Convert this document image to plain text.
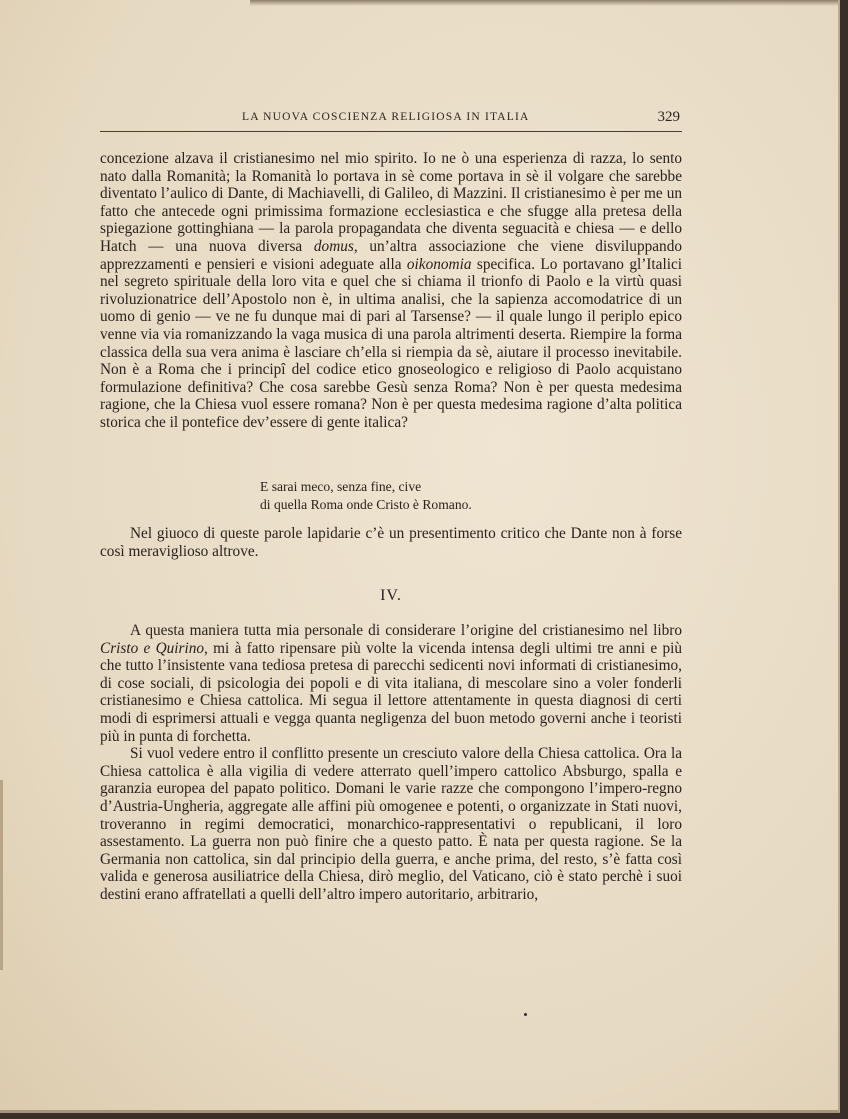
LA NUOVA COSCIENZA RELIGIOSA IN ITALIA	329

concezione alzava il cristianesimo nel mio spirito. Io ne ò una esperienza di razza, lo sento nato dalla Romanità; la Romanità lo portava in sè come portava in sè il volgare che sarebbe diventato l’aulico di Dante, di Machiavelli, di Galileo, di Mazzini. Il cristianesimo è per me un fatto che antecede ogni primissima formazione ecclesiastica e che sfugge alla pretesa della spiegazione gottinghiana — la parola propagandata che diventa seguacità e chiesa — e dello Hatch — una nuova diversa domus, un’altra associazione che viene disviluppando apprezzamenti e pensieri e visioni adeguate alla oikonomia specifica. Lo portavano gl’Italici nel segreto spirituale della loro vita e quel che si chiama il trionfo di Paolo e la virtù quasi rivoluzionatrice dell’Apostolo non è, in ultima analisi, che la sapienza accomodatrice di un uomo di genio — ve ne fu dunque mai di pari al Tarsense? — il quale lungo il periplo epico venne via via romanizzando la vaga musica di una parola altrimenti deserta. Riempire la forma classica della sua vera anima è lasciare ch’ella si riempia da sè, aiutare il processo inevitabile. Non è a Roma che i principî del codice etico gnoseologico e religioso di Paolo acquistano formulazione definitiva? Che cosa sarebbe Gesù senza Roma? Non è per questa medesima ragione, che la Chiesa vuol essere romana? Non è per questa medesima ragione d’alta politica storica che il pontefice dev’essere di gente italica?

E sarai meco, senza fine, cive
di quella Roma onde Cristo è Romano.

Nel giuoco di queste parole lapidarie c’è un presentimento critico che Dante non à forse così meraviglioso altrove.

IV.

A questa maniera tutta mia personale di considerare l’origine del cristianesimo nel libro Cristo e Quirino, mi à fatto ripensare più volte la vicenda intensa degli ultimi tre anni e più che tutto l’insistente vana tediosa pretesa di parecchi sedicenti novi informati di cristianesimo, di cose sociali, di psicologia dei popoli e di vita italiana, di mescolare sino a voler fonderli cristianesimo e Chiesa cattolica. Mi segua il lettore attentamente in questa diagnosi di certi modi di esprimersi attuali e vegga quanta negligenza del buon metodo governi anche i teoristi più in punta di forchetta.

Si vuol vedere entro il conflitto presente un cresciuto valore della Chiesa cattolica. Ora la Chiesa cattolica è alla vigilia di vedere atterrato quell’impero cattolico Absburgo, spalla e garanzia europea del papato politico. Domani le varie razze che compongono l’impero-regno d’Austria-Ungheria, aggregate alle affini più omogenee e potenti, o organizzate in Stati nuovi, troveranno in regimi democratici, monarchico-rappresentativi o republicani, il loro assestamento. La guerra non può finire che a questo patto. È nata per questa ragione. Se la Germania non cattolica, sin dal principio della guerra, e anche prima, del resto, s’è fatta così valida e generosa ausiliatrice della Chiesa, dirò meglio, del Vaticano, ciò è stato perchè i suoi destini erano affratellati a quelli dell’altro impero autoritario, arbitrario,
